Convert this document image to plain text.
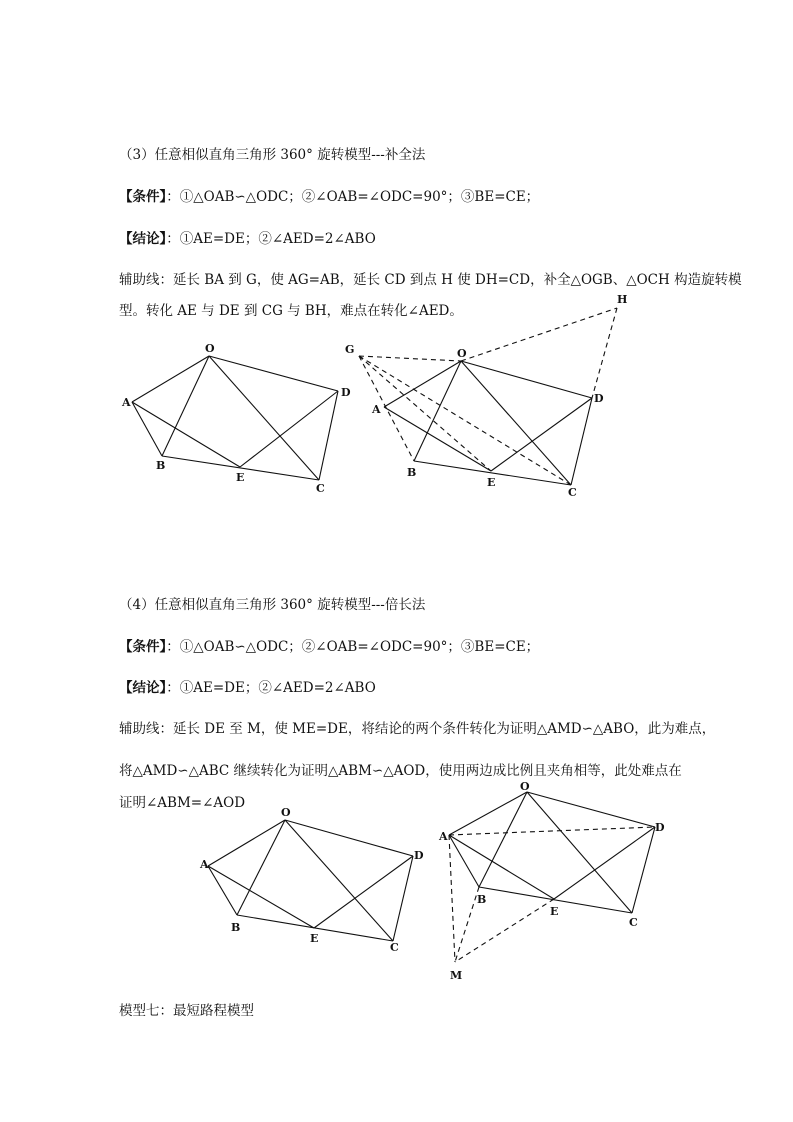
（3）任意相似直角三角形 360° 旋转模型---补全法
【条件】：①△OAB∽△ODC；②∠OAB=∠ODC=90°；③BE=CE；
【结论】：①AE=DE；②∠AED=2∠ABO
辅助线：延长 BA 到 G，使 AG=AB，延长 CD 到点 H 使 DH=CD，补全△OGB、△OCH 构造旋转模
型。转化 AE 与 DE 到 CG 与 BH，难点在转化∠AED。
（4）任意相似直角三角形 360° 旋转模型---倍长法
【条件】：①△OAB∽△ODC；②∠OAB=∠ODC=90°；③BE=CE；
【结论】：①AE=DE；②∠AED=2∠ABO
辅助线：延长 DE 至 M，使 ME=DE，将结论的两个条件转化为证明△AMD∽△ABO，此为难点，
将△AMD∽△ABC 继续转化为证明△ABM∽△AOD，使用两边成比例且夹角相等，此处难点在
证明∠ABM=∠AOD
模型七：最短路程模型
O
A
B
E
C
D
G	O
H
A
B
E
C
D
O
A
B
E
C
D
O
A
B
E
C
D
M
